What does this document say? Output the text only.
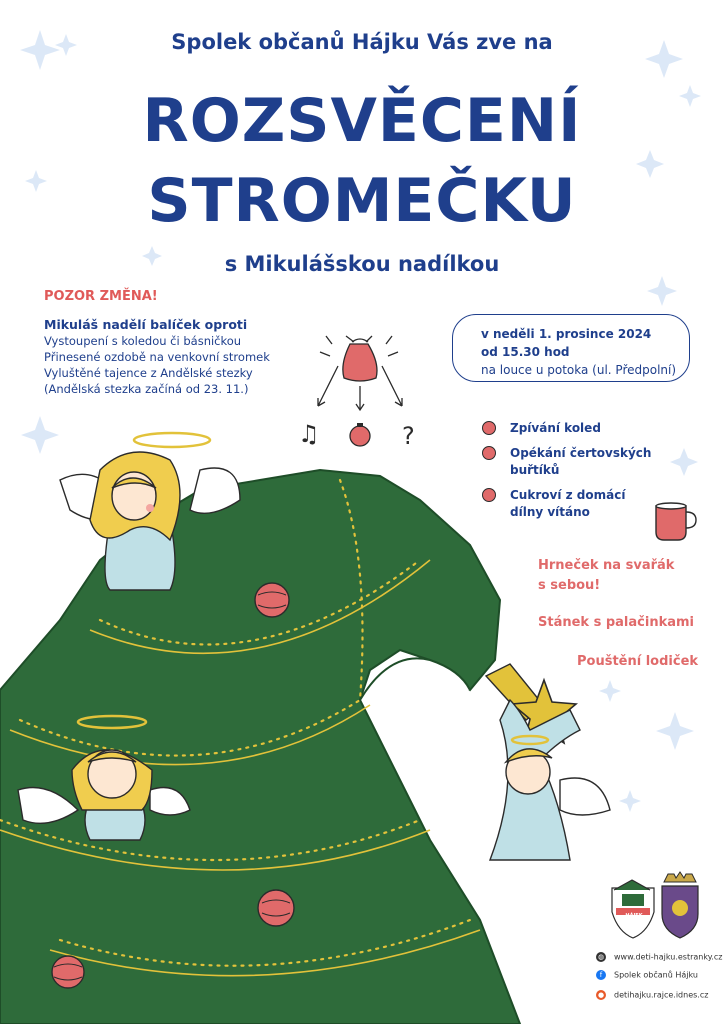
♫	?
Spolek občanů Hájku Vás zve na
ROZSVĚCENÍ
STROMEČKU
s Mikulášskou nadílkou
POZOR ZMĚNA!
Mikuláš nadělí balíček oproti
Vystoupení s koledou či básničkou
Přinesené ozdobě na venkovní stromek
Vyluštěné tajence z Andělské stezky
(Andělská stezka začíná od 23. 11.)
v neděli 1. prosince 2024
od 15.30 hod
na louce u potoka (ul. Předpolní)
Zpívání koled
Opékání čertovských
buřtíků
Cukroví z domácí
dílny vítáno
Hrneček na svařák
s sebou!
Stánek s palačinkami
Pouštění lodiček
◍ www.deti-hajku.estranky.cz
f Spolek občanů Hájku
● detihajku.rajce.idnes.cz
HÁJEK
